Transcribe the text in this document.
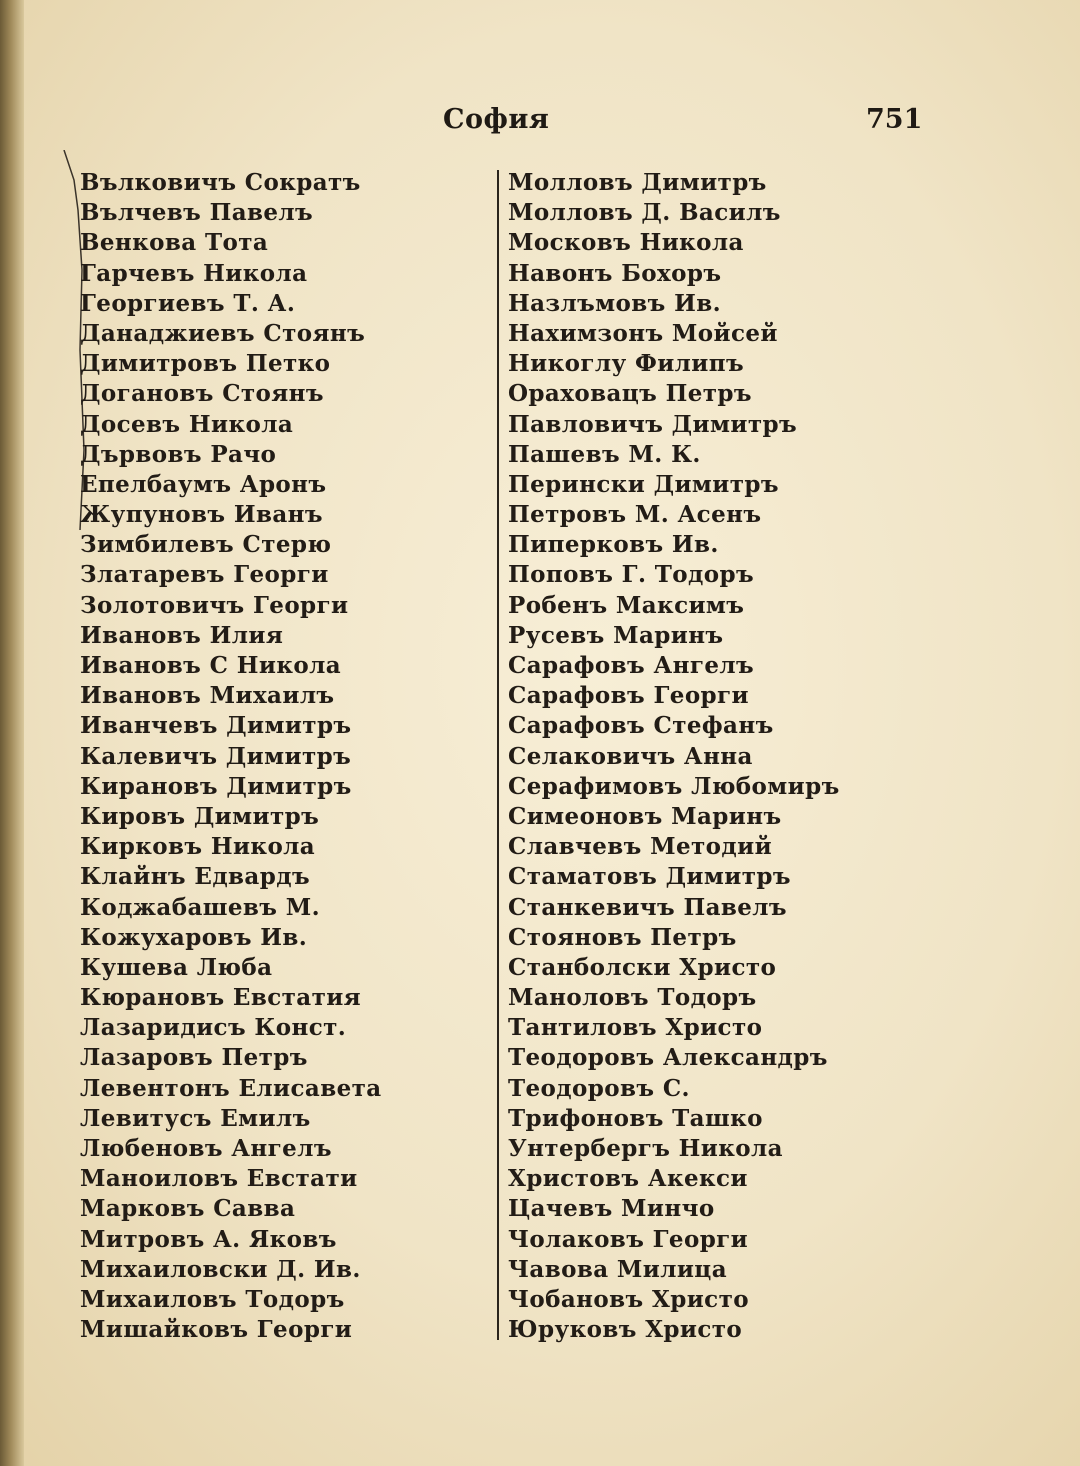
София	751
Вълковичъ Сократъ
Вълчевъ Павелъ
Венкова Тота
Гарчевъ Никола
Георгиевъ Т. А.
Данаджиевъ Стоянъ
Димитровъ Петко
Догановъ Стоянъ
Досевъ Никола
Дървовъ Рачо
Епелбаумъ Аронъ
Жупуновъ Иванъ
Зимбилевъ Стерю
Златаревъ Георги
Золотовичъ Георги
Ивановъ Илия
Ивановъ С Никола
Ивановъ Михаилъ
Иванчевъ Димитръ
Калевичъ Димитръ
Кирановъ Димитръ
Кировъ Димитръ
Кирковъ Никола
Клайнъ Едвардъ
Коджабашевъ М.
Кожухаровъ Ив.
Кушева Люба
Кюрановъ Евстатия
Лазаридисъ Конст.
Лазаровъ Петръ
Левентонъ Елисавета
Левитусъ Емилъ
Любеновъ Ангелъ
Маноиловъ Евстати
Марковъ Савва
Митровъ А. Яковъ
Михаиловски Д. Ив.
Михаиловъ Тодоръ
Мишайковъ Георги
Молловъ Димитръ
Молловъ Д. Василъ
Московъ Никола
Навонъ Бохоръ
Назлъмовъ Ив.
Нахимзонъ Мойсей
Никоглу Филипъ
Ораховацъ Петръ
Павловичъ Димитръ
Пашевъ М. К.
Перински Димитръ
Петровъ М. Асенъ
Пиперковъ Ив.
Поповъ Г. Тодоръ
Робенъ Максимъ
Русевъ Маринъ
Сарафовъ Ангелъ
Сарафовъ Георги
Сарафовъ Стефанъ
Селаковичъ Анна
Серафимовъ Любомиръ
Симеоновъ Маринъ
Славчевъ Методий
Стаматовъ Димитръ
Станкевичъ Павелъ
Стояновъ Петръ
Станболски Христо
Маноловъ Тодоръ
Тантиловъ Христо
Теодоровъ Александръ
Теодоровъ С.
Трифоновъ Ташко
Унтербергъ Никола
Христовъ Акекси
Цачевъ Минчо
Чолаковъ Георги
Чавова Милица
Чобановъ Христо
Юруковъ Христо
